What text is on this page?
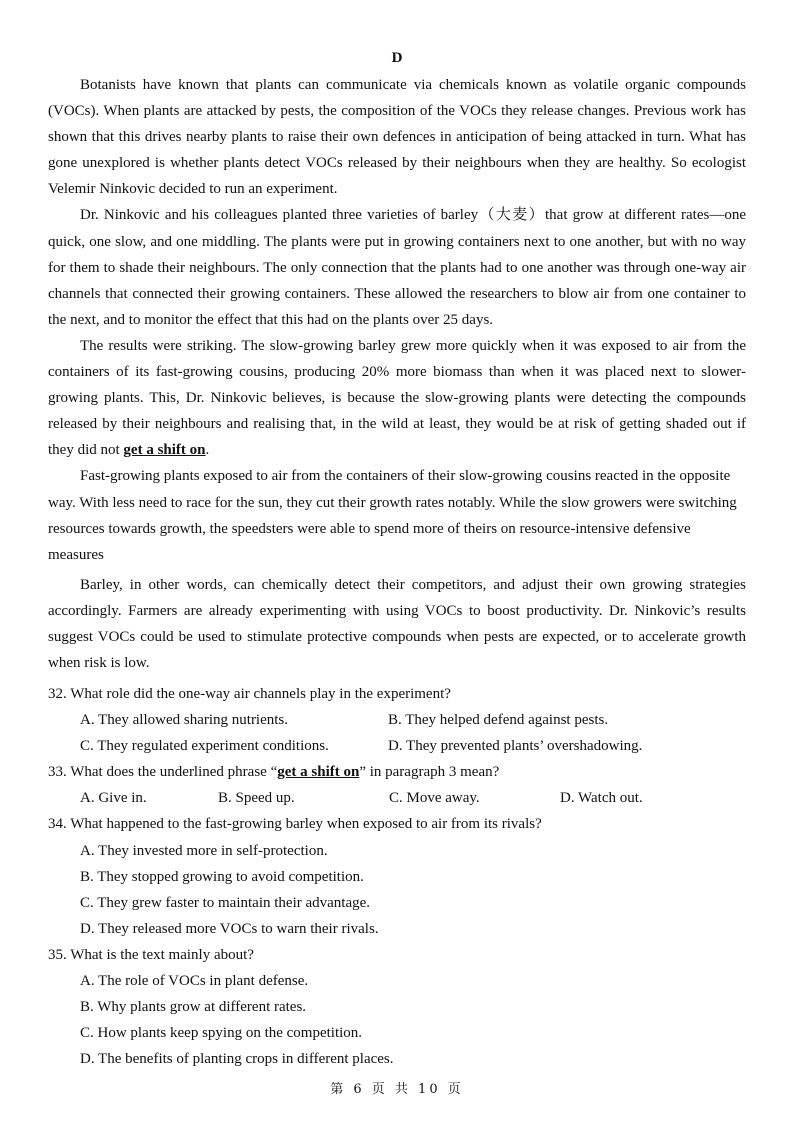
D

Botanists have known that plants can communicate via chemicals known as volatile organic compounds (VOCs). When plants are attacked by pests, the composition of the VOCs they release changes. Previous work has shown that this drives nearby plants to raise their own defences in anticipation of being attacked in turn. What has gone unexplored is whether plants detect VOCs released by their neighbours when they are healthy. So ecologist Velemir Ninkovic decided to run an experiment.

Dr. Ninkovic and his colleagues planted three varieties of barley（大麦）that grow at different rates—one quick, one slow, and one middling. The plants were put in growing containers next to one another, but with no way for them to shade their neighbours. The only connection that the plants had to one another was through one-way air channels that connected their growing containers. These allowed the researchers to blow air from one container to the next, and to monitor the effect that this had on the plants over 25 days.

The results were striking. The slow-growing barley grew more quickly when it was exposed to air from the containers of its fast-growing cousins, producing 20% more biomass than when it was placed next to slower-growing plants. This, Dr. Ninkovic believes, is because the slow-growing plants were detecting the compounds released by their neighbours and realising that, in the wild at least, they would be at risk of getting shaded out if they did not get a shift on.

Fast-growing plants exposed to air from the containers of their slow-growing cousins reacted in the opposite way. With less need to race for the sun, they cut their growth rates notably. While the slow growers were switching resources towards growth, the speedsters were able to spend more of theirs on resource-intensive defensive measures

Barley, in other words, can chemically detect their competitors, and adjust their own growing strategies accordingly. Farmers are already experimenting with using VOCs to boost productivity. Dr. Ninkovic’s results suggest VOCs could be used to stimulate protective compounds when pests are expected, or to accelerate growth when risk is low.

32. What role did the one-way air channels play in the experiment?

A. They allowed sharing nutrients.	B. They helped defend against pests.
C. They regulated experiment conditions.	D. They prevented plants’ overshadowing.

33. What does the underlined phrase “get a shift on” in paragraph 3 mean?

A. Give in.	B. Speed up.	C. Move away.	D. Watch out.

34. What happened to the fast-growing barley when exposed to air from its rivals?

A. They invested more in self-protection.

B. They stopped growing to avoid competition.

C. They grew faster to maintain their advantage.

D. They released more VOCs to warn their rivals.

35. What is the text mainly about?

A. The role of VOCs in plant defense.

B. Why plants grow at different rates.

C. How plants keep spying on the competition.

D. The benefits of planting crops in different places.

第 6 页 共 10 页
